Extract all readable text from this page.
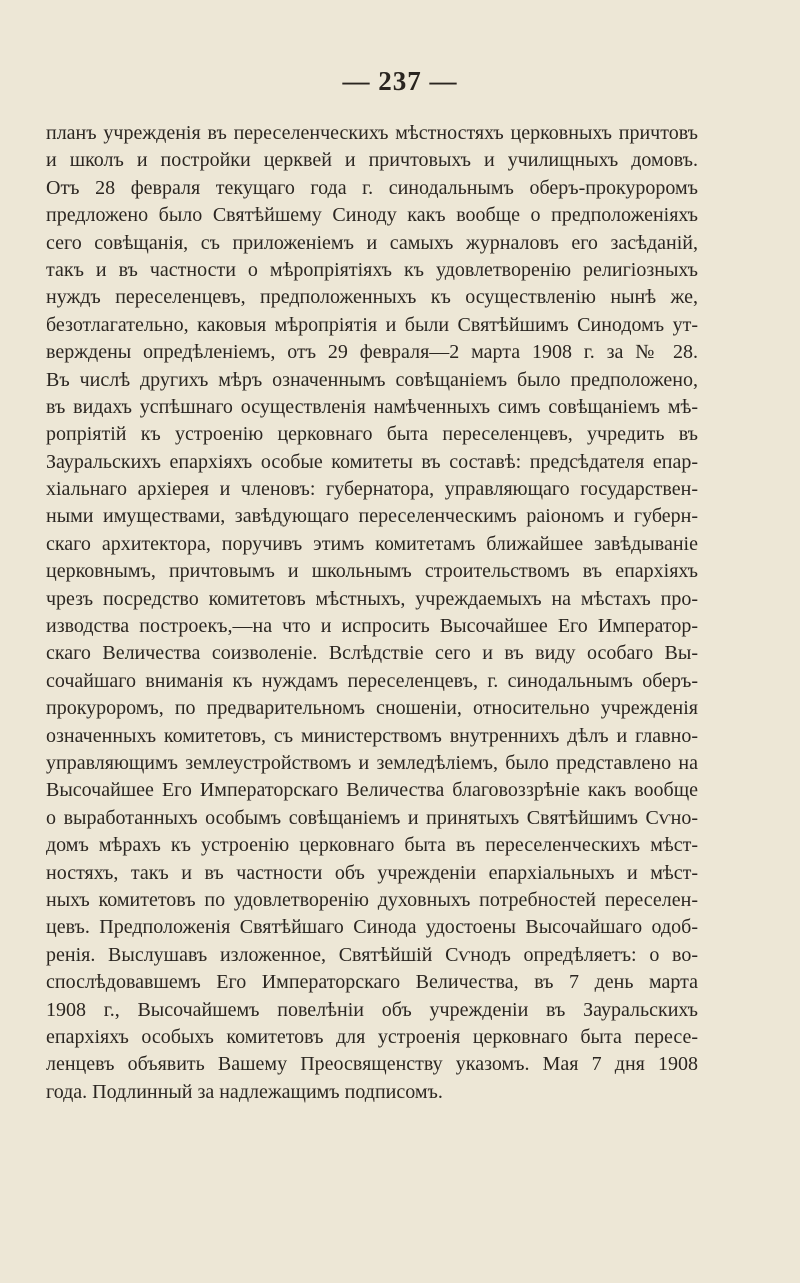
— 237 —
планъ учрежденія въ переселенческихъ мѣстностяхъ церковныхъ причтовъ
и школъ и постройки церквей и причтовыхъ и училищныхъ домовъ.
Отъ 28 февраля текущаго года г. синодальнымъ оберъ-прокуроромъ
предложено было Святѣйшему Синоду какъ вообще о предположеніяхъ
сего совѣщанія, съ приложеніемъ и самыхъ журналовъ его засѣданій,
такъ и въ частности о мѣропріятіяхъ къ удовлетворенію религіозныхъ
нуждъ переселенцевъ, предположенныхъ къ осуществленію нынѣ же,
безотлагательно, каковыя мѣропріятія и были Святѣйшимъ Синодомъ ут-
верждены опредѣленіемъ, отъ 29 февраля—2 марта 1908 г. за № 28.
Въ числѣ другихъ мѣръ означеннымъ совѣщаніемъ было предположено,
въ видахъ успѣшнаго осуществленія намѣченныхъ симъ совѣщаніемъ мѣ-
ропріятій къ устроенію церковнаго быта переселенцевъ, учредить въ
Зауральскихъ епархіяхъ особые комитеты въ составѣ: предсѣдателя епар-
хіальнаго архіерея и членовъ: губернатора, управляющаго государствен-
ными имуществами, завѣдующаго переселенческимъ раіономъ и губерн-
скаго архитектора, поручивъ этимъ комитетамъ ближайшее завѣдываніе
церковнымъ, причтовымъ и школьнымъ строительствомъ въ епархіяхъ
чрезъ посредство комитетовъ мѣстныхъ, учреждаемыхъ на мѣстахъ про-
изводства построекъ,—на что и испросить Высочайшее Его Император-
скаго Величества соизволеніе. Вслѣдствіе сего и въ виду особаго Вы-
сочайшаго вниманія къ нуждамъ переселенцевъ, г. синодальнымъ оберъ-
прокуроромъ, по предварительномъ сношеніи, относительно учрежденія
означенныхъ комитетовъ, съ министерствомъ внутреннихъ дѣлъ и главно-
управляющимъ землеустройствомъ и земледѣліемъ, было представлено на
Высочайшее Его Императорскаго Величества благовоззрѣніе какъ вообще
о выработанныхъ особымъ совѣщаніемъ и принятыхъ Святѣйшимъ Сѵно-
домъ мѣрахъ къ устроенію церковнаго быта въ переселенческихъ мѣст-
ностяхъ, такъ и въ частности объ учрежденіи епархіальныхъ и мѣст-
ныхъ комитетовъ по удовлетворенію духовныхъ потребностей переселен-
цевъ. Предположенія Святѣйшаго Синода удостоены Высочайшаго одоб-
ренія. Выслушавъ изложенное, Святѣйшій Сѵнодъ опредѣляетъ: о во-
спослѣдовавшемъ Его Императорскаго Величества, въ 7 день марта
1908 г., Высочайшемъ повелѣніи объ учрежденіи въ Зауральскихъ
епархіяхъ особыхъ комитетовъ для устроенія церковнаго быта пересе-
ленцевъ объявить Вашему Преосвященству указомъ. Мая 7 дня 1908
года. Подлинный за надлежащимъ подписомъ.
